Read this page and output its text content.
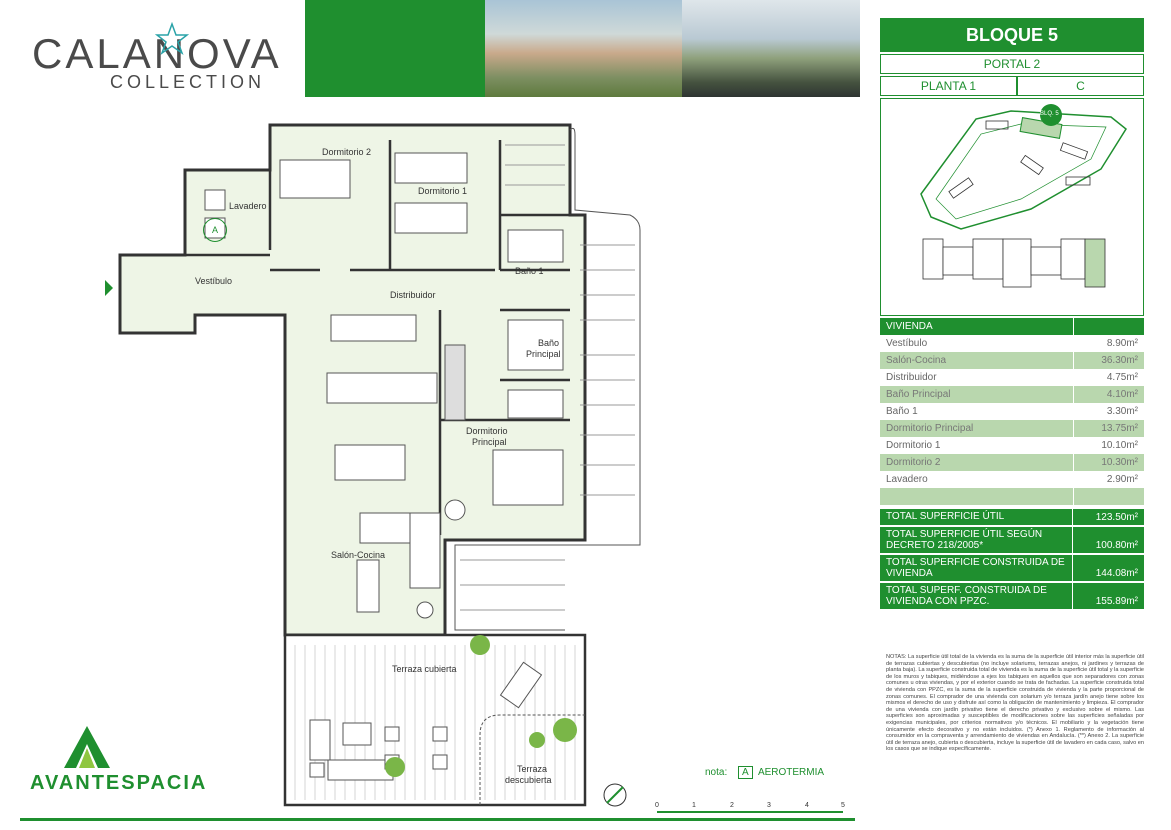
CALANOVA
COLLECTION
BLOQUE 5
PORTAL 2
PLANTA 1	C
BLQ. 5
VIVIENDA
Vestíbulo	8.90m²
Salón-Cocina	36.30m²
Distribuidor	4.75m²
Baño Principal	4.10m²
Baño 1	3.30m²
Dormitorio Principal	13.75m²
Dormitorio 1	10.10m²
Dormitorio 2	10.30m²
Lavadero	2.90m²
TOTAL SUPERFICIE ÚTIL	123.50m²
TOTAL SUPERFICIE ÚTIL SEGÚN DECRETO 218/2005*	100.80m²
TOTAL SUPERFICIE CONSTRUIDA DE VIVIENDA	144.08m²
TOTAL SUPERF. CONSTRUIDA DE VIVIENDA CON PPZC.	155.89m²
NOTAS: La superficie útil total de la vivienda es la suma de la superficie útil interior más la superficie útil de terrazas cubiertas y descubiertas (no incluye solariums, terrazas anejos, ni jardines y terrazas de planta baja). La superficie construida total de vivienda es la suma de la superficie útil total y la superficie de los muros y tabiques, midiéndose a ejes los tabiques en aquellos que son separadores con zonas comunes u otras viviendas, y por el exterior cuando se trata de fachadas. La superficie construida total de vivienda con PPZC, es la suma de la superficie construida de vivienda y la parte proporcional de zonas comunes. El comprador de una vivienda con solarium y/o terraza jardín anejo tiene sobre los mismos el derecho de uso y disfrute así como la obligación de mantenimiento y limpieza. El comprador de una vivienda con jardín privativo tiene el derecho privativo y exclusivo sobre el mismo. Las superficies son aproximadas y susceptibles de modificaciones sobre las superficies señaladas por exigencias municipales, por criterios normativos y/o técnicos. El mobiliario y la vegetación tiene únicamente efecto decorativo y no están incluidos. (*) Anexo 1. Reglamento de información al consumidor en la compraventa y arrendamiento de viviendas en Andalucía. (**) Anexo 2. La superficie útil de terraza anejo, cubierta o descubierta, incluye la superficie útil de lavadero en cada caso, salvo en los casos que se indique específicamente.
Dormitorio 2
Dormitorio 1
Lavadero
A
Vestíbulo
Distribuidor
Baño 1
Baño
Principal
Dormitorio
Principal
Salón-Cocina
Terraza cubierta
Terraza
descubierta
AVANTESPACIA	nota: A AEROTERMIA
0	1	2	3	4	5
